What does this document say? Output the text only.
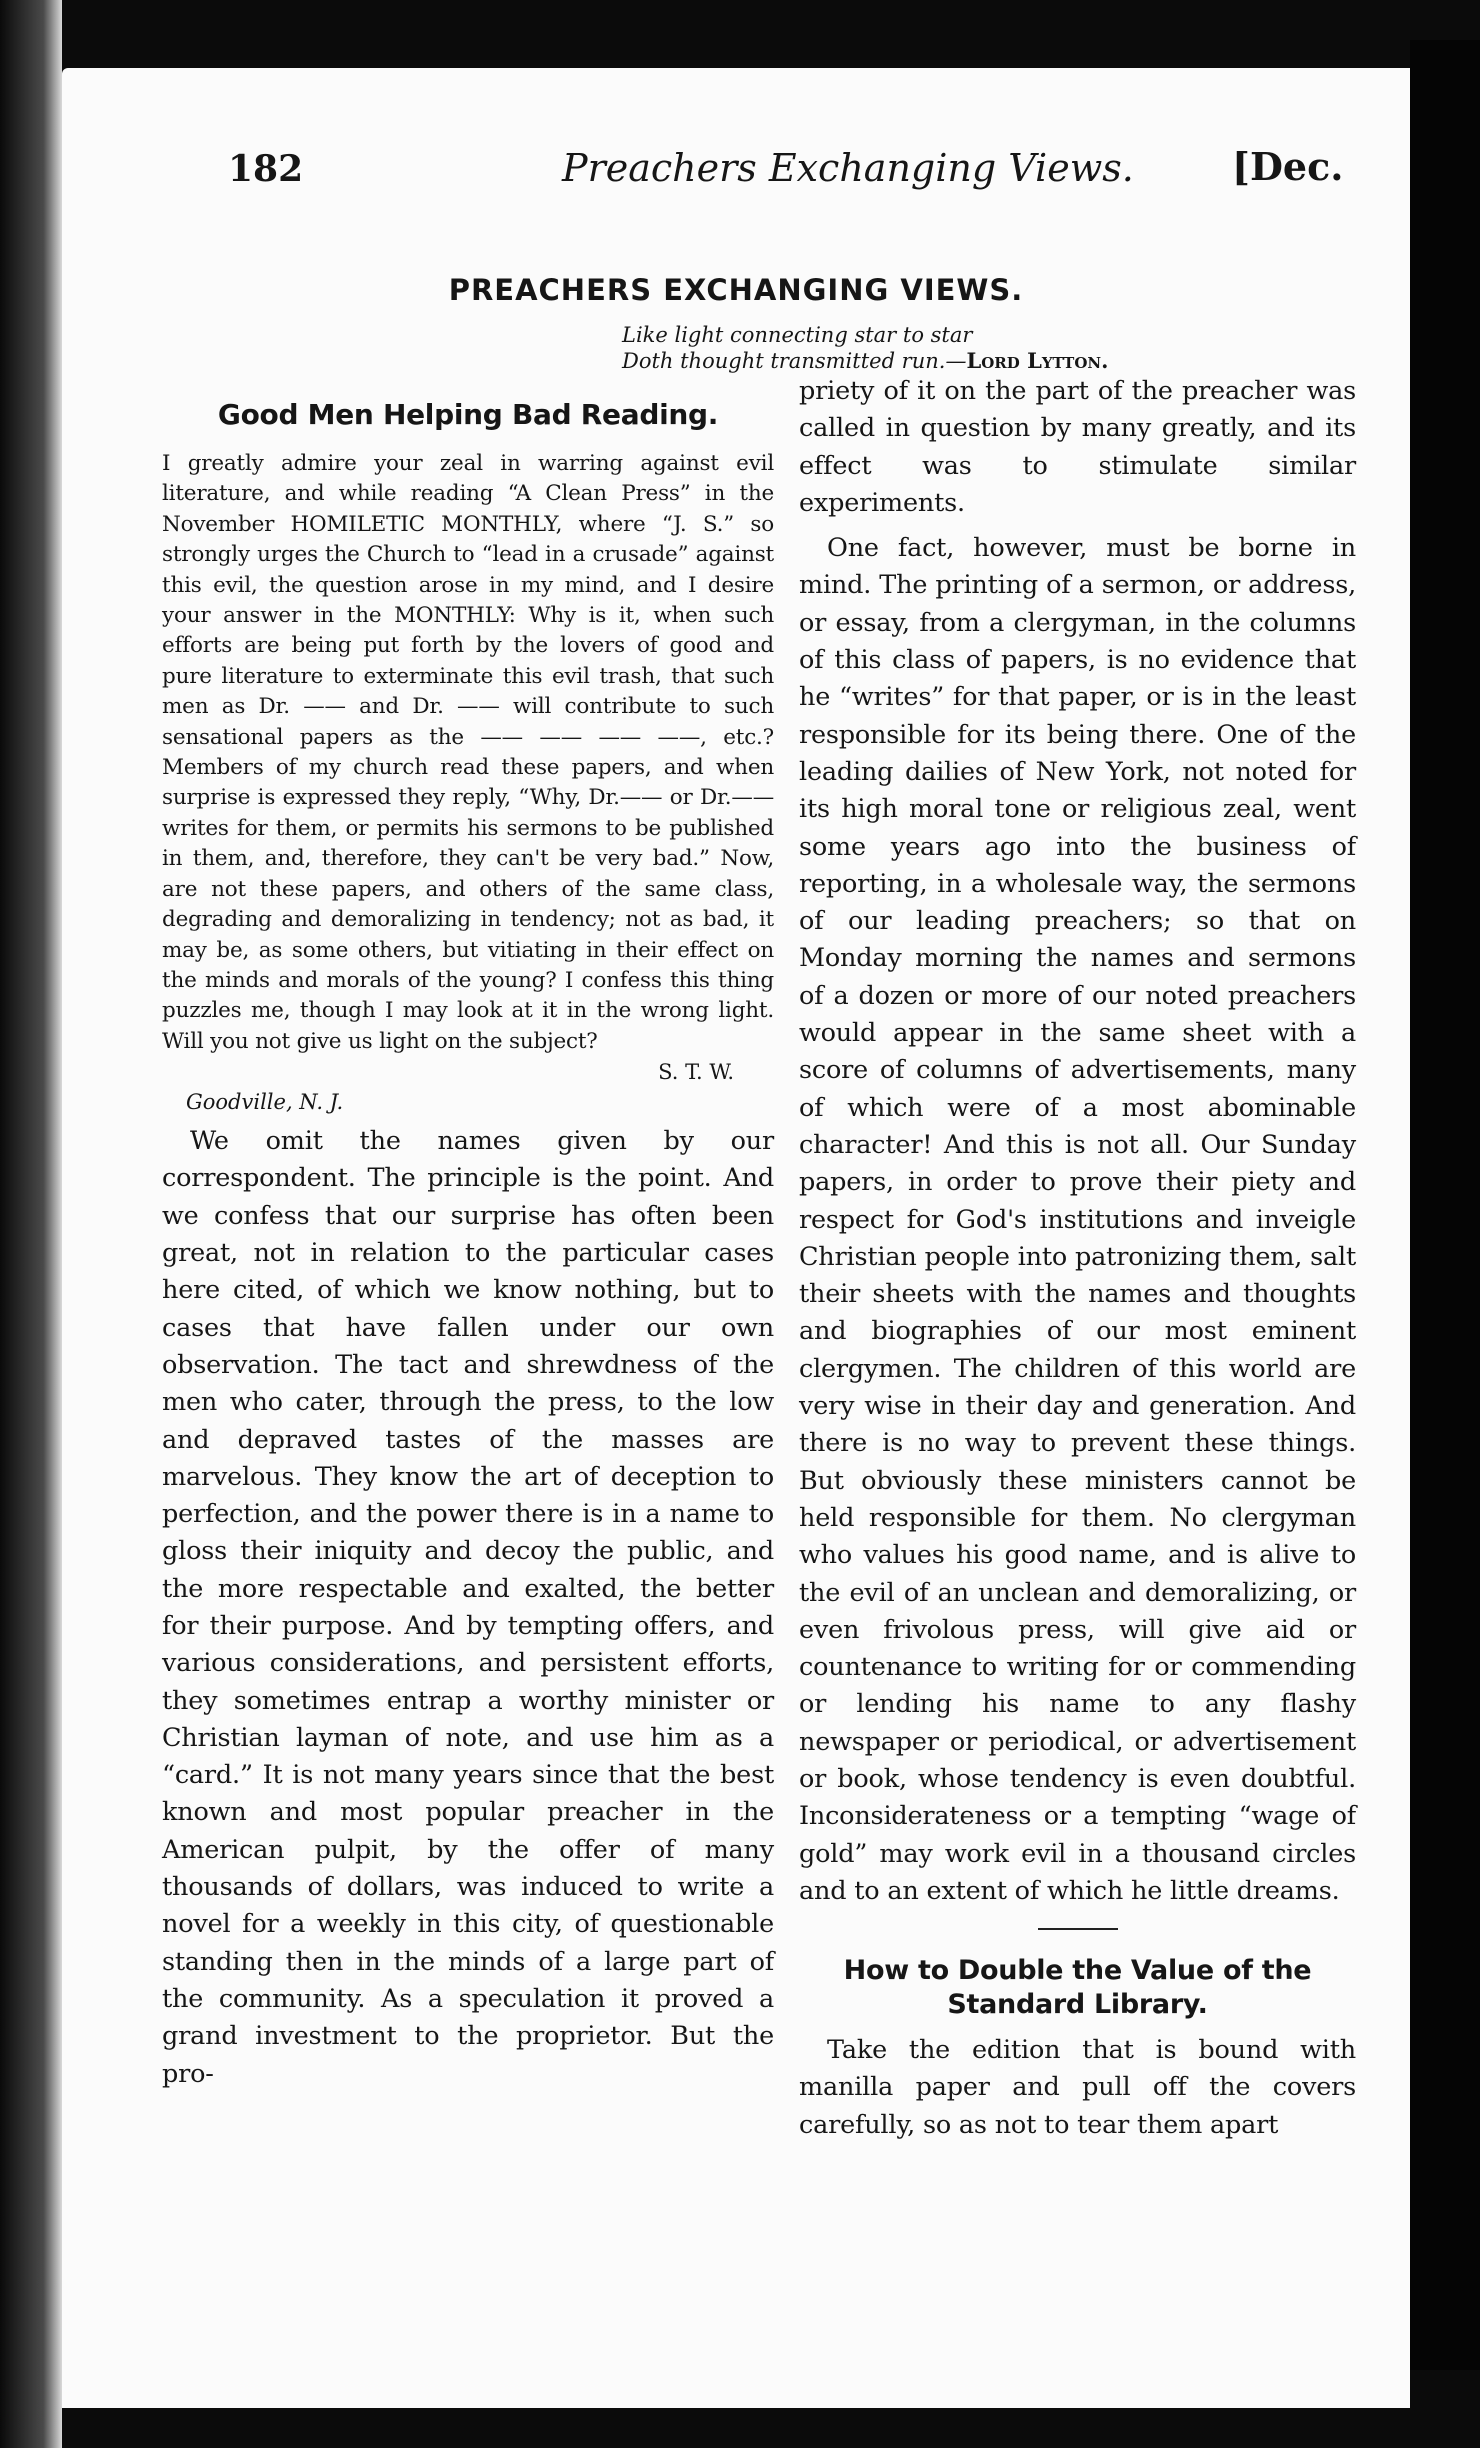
182	Preachers Exchanging Views.	[Dec.
PREACHERS EXCHANGING VIEWS.
Like light connecting star to star
Doth thought transmitted run.—Lord Lytton.
Good Men Helping Bad Reading.

I greatly admire your zeal in warring against evil literature, and while reading “A Clean Press” in the November HOMILETIC MONTHLY, where “J. S.” so strongly urges the Church to “lead in a crusade” against this evil, the question arose in my mind, and I desire your answer in the MONTHLY: Why is it, when such efforts are being put forth by the lovers of good and pure literature to exterminate this evil trash, that such men as Dr. —— and Dr. —— will contribute to such sensational papers as the —— —— —— ——, etc.? Members of my church read these papers, and when surprise is expressed they reply, “Why, Dr.—— or Dr.—— writes for them, or permits his sermons to be published in them, and, therefore, they can't be very bad.” Now, are not these papers, and others of the same class, degrading and demoralizing in tendency; not as bad, it may be, as some others, but vitiating in their effect on the minds and morals of the young? I confess this thing puzzles me, though I may look at it in the wrong light. Will you not give us light on the subject?

S. T. W.

Goodville, N. J.

We omit the names given by our correspondent. The principle is the point. And we confess that our surprise has often been great, not in relation to the particular cases here cited, of which we know nothing, but to cases that have fallen under our own observation. The tact and shrewdness of the men who cater, through the press, to the low and depraved tastes of the masses are marvelous. They know the art of deception to perfection, and the power there is in a name to gloss their iniquity and decoy the public, and the more respectable and exalted, the better for their purpose. And by tempting offers, and various considerations, and persistent efforts, they sometimes entrap a worthy minister or Christian layman of note, and use him as a “card.” It is not many years since that the best known and most popular preacher in the American pulpit, by the offer of many thousands of dollars, was induced to write a novel for a weekly in this city, of questionable standing then in the minds of a large part of the community. As a speculation it proved a grand investment to the proprietor. But the pro-

priety of it on the part of the preacher was called in question by many greatly, and its effect was to stimulate similar experiments.

One fact, however, must be borne in mind. The printing of a sermon, or address, or essay, from a clergyman, in the columns of this class of papers, is no evidence that he “writes” for that paper, or is in the least responsible for its being there. One of the leading dailies of New York, not noted for its high moral tone or religious zeal, went some years ago into the business of reporting, in a wholesale way, the sermons of our leading preachers; so that on Monday morning the names and sermons of a dozen or more of our noted preachers would appear in the same sheet with a score of columns of advertisements, many of which were of a most abominable character! And this is not all. Our Sunday papers, in order to prove their piety and respect for God's institutions and inveigle Christian people into patronizing them, salt their sheets with the names and thoughts and biographies of our most eminent clergymen. The children of this world are very wise in their day and generation. And there is no way to prevent these things. But obviously these ministers cannot be held responsible for them. No clergyman who values his good name, and is alive to the evil of an unclean and demoralizing, or even frivolous press, will give aid or countenance to writing for or commending or lending his name to any flashy newspaper or periodical, or advertisement or book, whose tendency is even doubtful. Inconsiderateness or a tempting “wage of gold” may work evil in a thousand circles and to an extent of which he little dreams.

How to Double the Value of the Standard Library.

Take the edition that is bound with manilla paper and pull off the covers carefully, so as not to tear them apart
